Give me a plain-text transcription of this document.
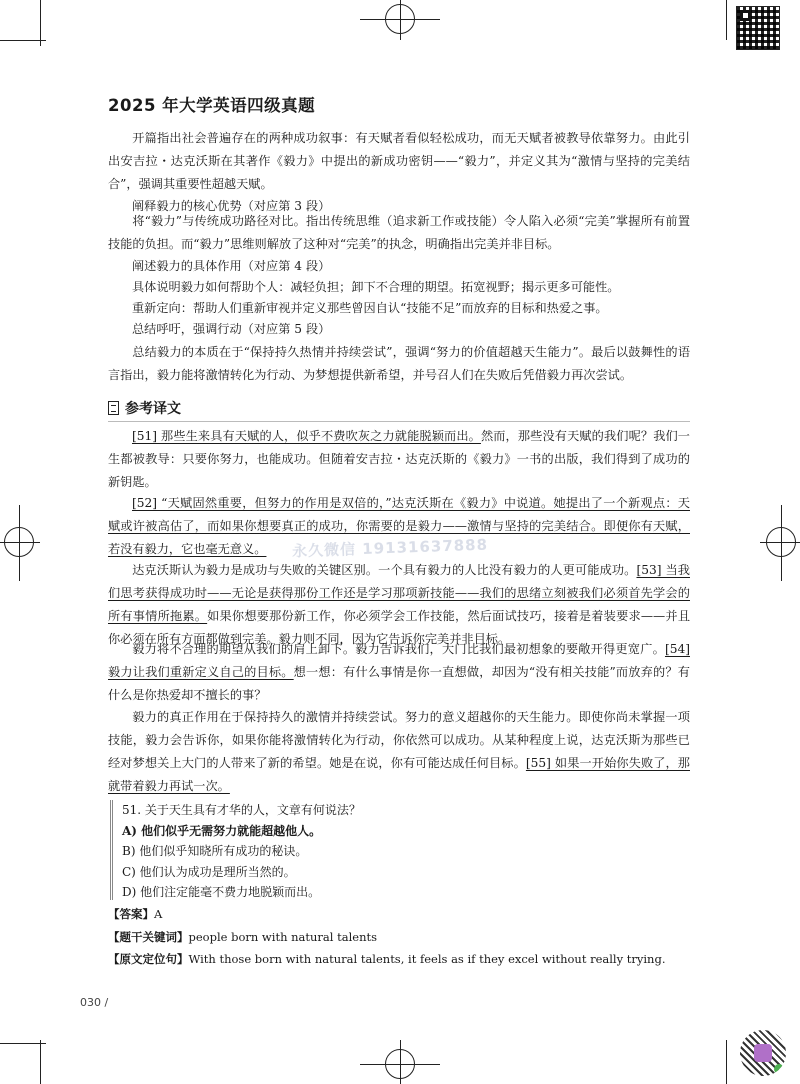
2025 年大学英语四级真题

开篇指出社会普遍存在的两种成功叙事：有天赋者看似轻松成功，而无天赋者被教导依靠努力。由此引出安吉拉・达克沃斯在其著作《毅力》中提出的新成功密钥——“毅力”，并定义其为“激情与坚持的完美结合”，强调其重要性超越天赋。

阐释毅力的核心优势（对应第 3 段）

将“毅力”与传统成功路径对比。指出传统思维（追求新工作或技能）令人陷入必须“完美”掌握所有前置技能的负担。而“毅力”思维则解放了这种对“完美”的执念，明确指出完美并非目标。

阐述毅力的具体作用（对应第 4 段）

具体说明毅力如何帮助个人：减轻负担；卸下不合理的期望。拓宽视野；揭示更多可能性。

重新定向：帮助人们重新审视并定义那些曾因自认“技能不足”而放弃的目标和热爱之事。

总结呼吁，强调行动（对应第 5 段）

总结毅力的本质在于“保持持久热情并持续尝试”，强调“努力的价值超越天生能力”。最后以鼓舞性的语言指出，毅力能将激情转化为行动、为梦想提供新希望，并号召人们在失败后凭借毅力再次尝试。

参考译文

[51] 那些生来具有天赋的人，似乎不费吹灰之力就能脱颖而出。然而，那些没有天赋的我们呢？我们一生都被教导：只要你努力，也能成功。但随着安吉拉・达克沃斯的《毅力》一书的出版，我们得到了成功的新钥匙。

[52] “天赋固然重要，但努力的作用是双倍的，”达克沃斯在《毅力》中说道。她提出了一个新观点：天赋或许被高估了，而如果你想要真正的成功，你需要的是毅力——激情与坚持的完美结合。即便你有天赋，若没有毅力，它也毫无意义。

达克沃斯认为毅力是成功与失败的关键区别。一个具有毅力的人比没有毅力的人更可能成功。[53] 当我们思考获得成功时——无论是获得那份工作还是学习那项新技能——我们的思绪立刻被我们必须首先学会的所有事情所拖累。如果你想要那份新工作，你必须学会工作技能，然后面试技巧，接着是着装要求——并且你必须在所有方面都做到完美。毅力则不同，因为它告诉你完美并非目标。

毅力将不合理的期望从我们的肩上卸下。毅力告诉我们，大门比我们最初想象的要敞开得更宽广。[54] 毅力让我们重新定义自己的目标。想一想：有什么事情是你一直想做，却因为“没有相关技能”而放弃的？有什么是你热爱却不擅长的事？

毅力的真正作用在于保持持久的激情并持续尝试。努力的意义超越你的天生能力。即使你尚未掌握一项技能，毅力会告诉你，如果你能将激情转化为行动，你依然可以成功。从某种程度上说，达克沃斯为那些已经对梦想关上大门的人带来了新的希望。她是在说，你有可能达成任何目标。[55] 如果一开始你失败了，那就带着毅力再试一次。

永久微信 19131637888
51. 关于天生具有才华的人，文章有何说法？
A) 他们似乎无需努力就能超越他人。
B) 他们似乎知晓所有成功的秘诀。
C) 他们认为成功是理所当然的。
D) 他们注定能毫不费力地脱颖而出。
【答案】A
【题干关键词】people born with natural talents
【原文定位句】With those born with natural talents, it feels as if they excel without really trying.
030 /
